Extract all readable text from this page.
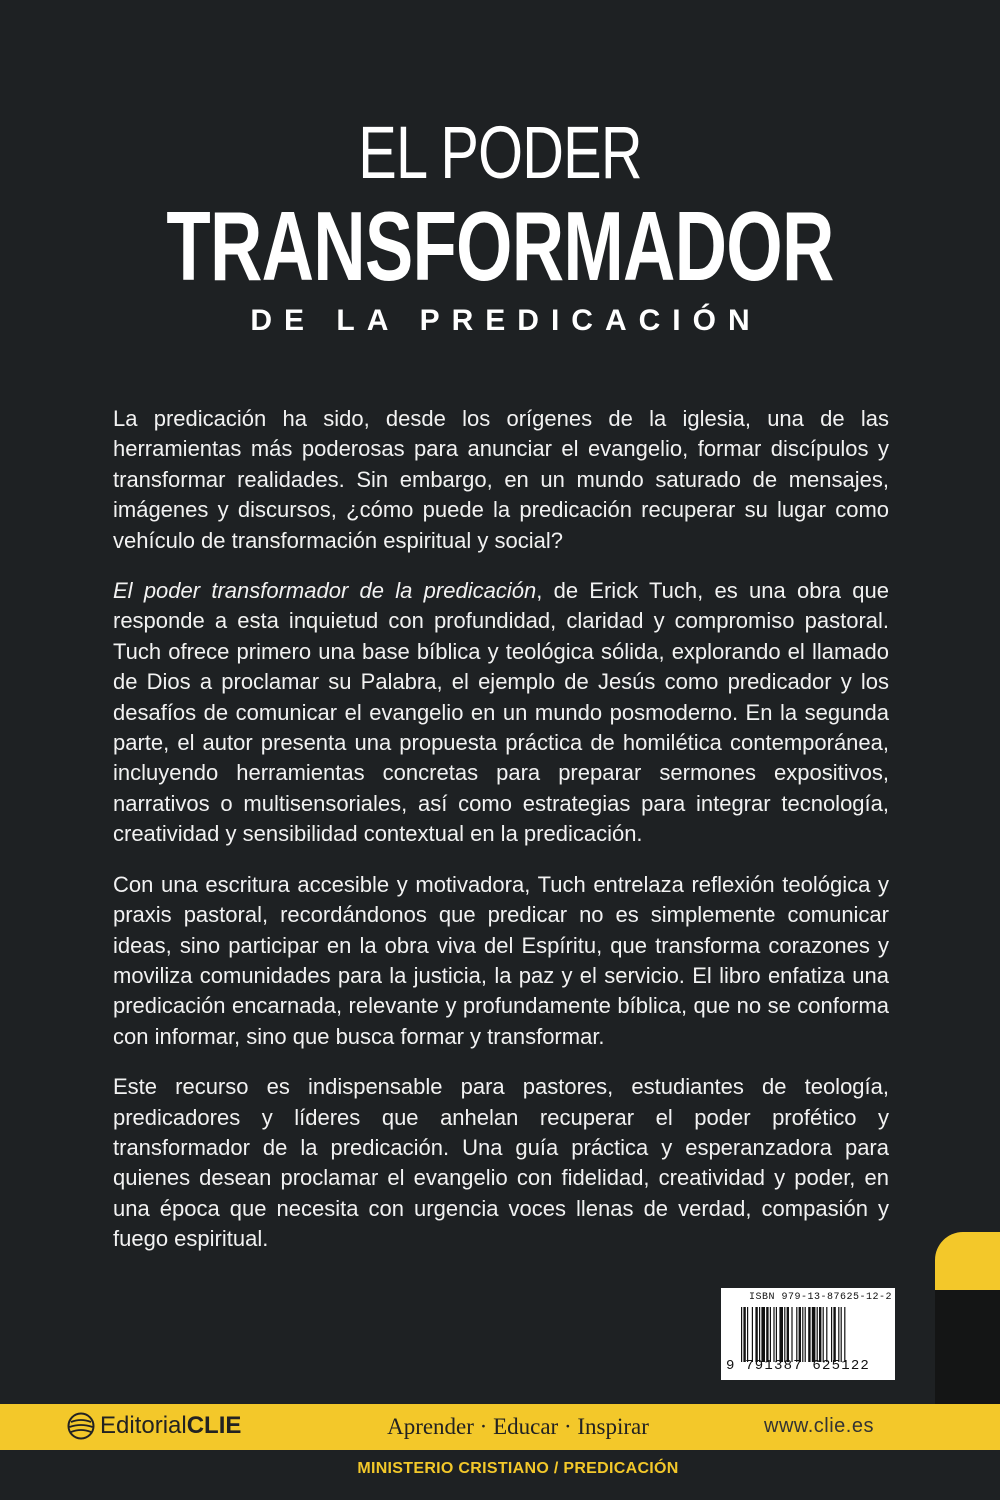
EL PODER
TRANSFORMADOR
DE LA PREDICACIÓN

La predicación ha sido, desde los orígenes de la iglesia, una de las herramientas más poderosas para anunciar el evangelio, formar discípulos y transformar realidades. Sin embargo, en un mundo saturado de mensajes, imágenes y discursos, ¿cómo puede la predicación recuperar su lugar como vehículo de transformación espiritual y social?

El poder transformador de la predicación, de Erick Tuch, es una obra que responde a esta inquietud con profundidad, claridad y compromiso pastoral. Tuch ofrece primero una base bíblica y teológica sólida, explorando el llamado de Dios a proclamar su Palabra, el ejemplo de Jesús como predicador y los desafíos de comunicar el evangelio en un mundo posmoderno. En la segunda parte, el autor presenta una propuesta práctica de homilética contemporánea, incluyendo herramientas concretas para preparar sermones expositivos, narrativos o multisensoriales, así como estrategias para integrar tecnología, creatividad y sensibilidad contextual en la predicación.

Con una escritura accesible y motivadora, Tuch entrelaza reflexión teológica y praxis pastoral, recordándonos que predicar no es simplemente comunicar ideas, sino participar en la obra viva del Espíritu, que transforma corazones y moviliza comunidades para la justicia, la paz y el servicio. El libro enfatiza una predicación encarnada, relevante y profundamente bíblica, que no se conforma con informar, sino que busca formar y transformar.

Este recurso es indispensable para pastores, estudiantes de teología, predicadores y líderes que anhelan recuperar el poder profético y transformador de la predicación. Una guía práctica y esperanzadora para quienes desean proclamar el evangelio con fidelidad, creatividad y poder, en una época que necesita con urgencia voces llenas de verdad, compasión y fuego espiritual.

ISBN 979-13-87625-12-2
9 791387 625122
EditorialCLIE	Aprender · Educar · Inspirar	www.clie.es
MINISTERIO CRISTIANO / PREDICACIÓN
